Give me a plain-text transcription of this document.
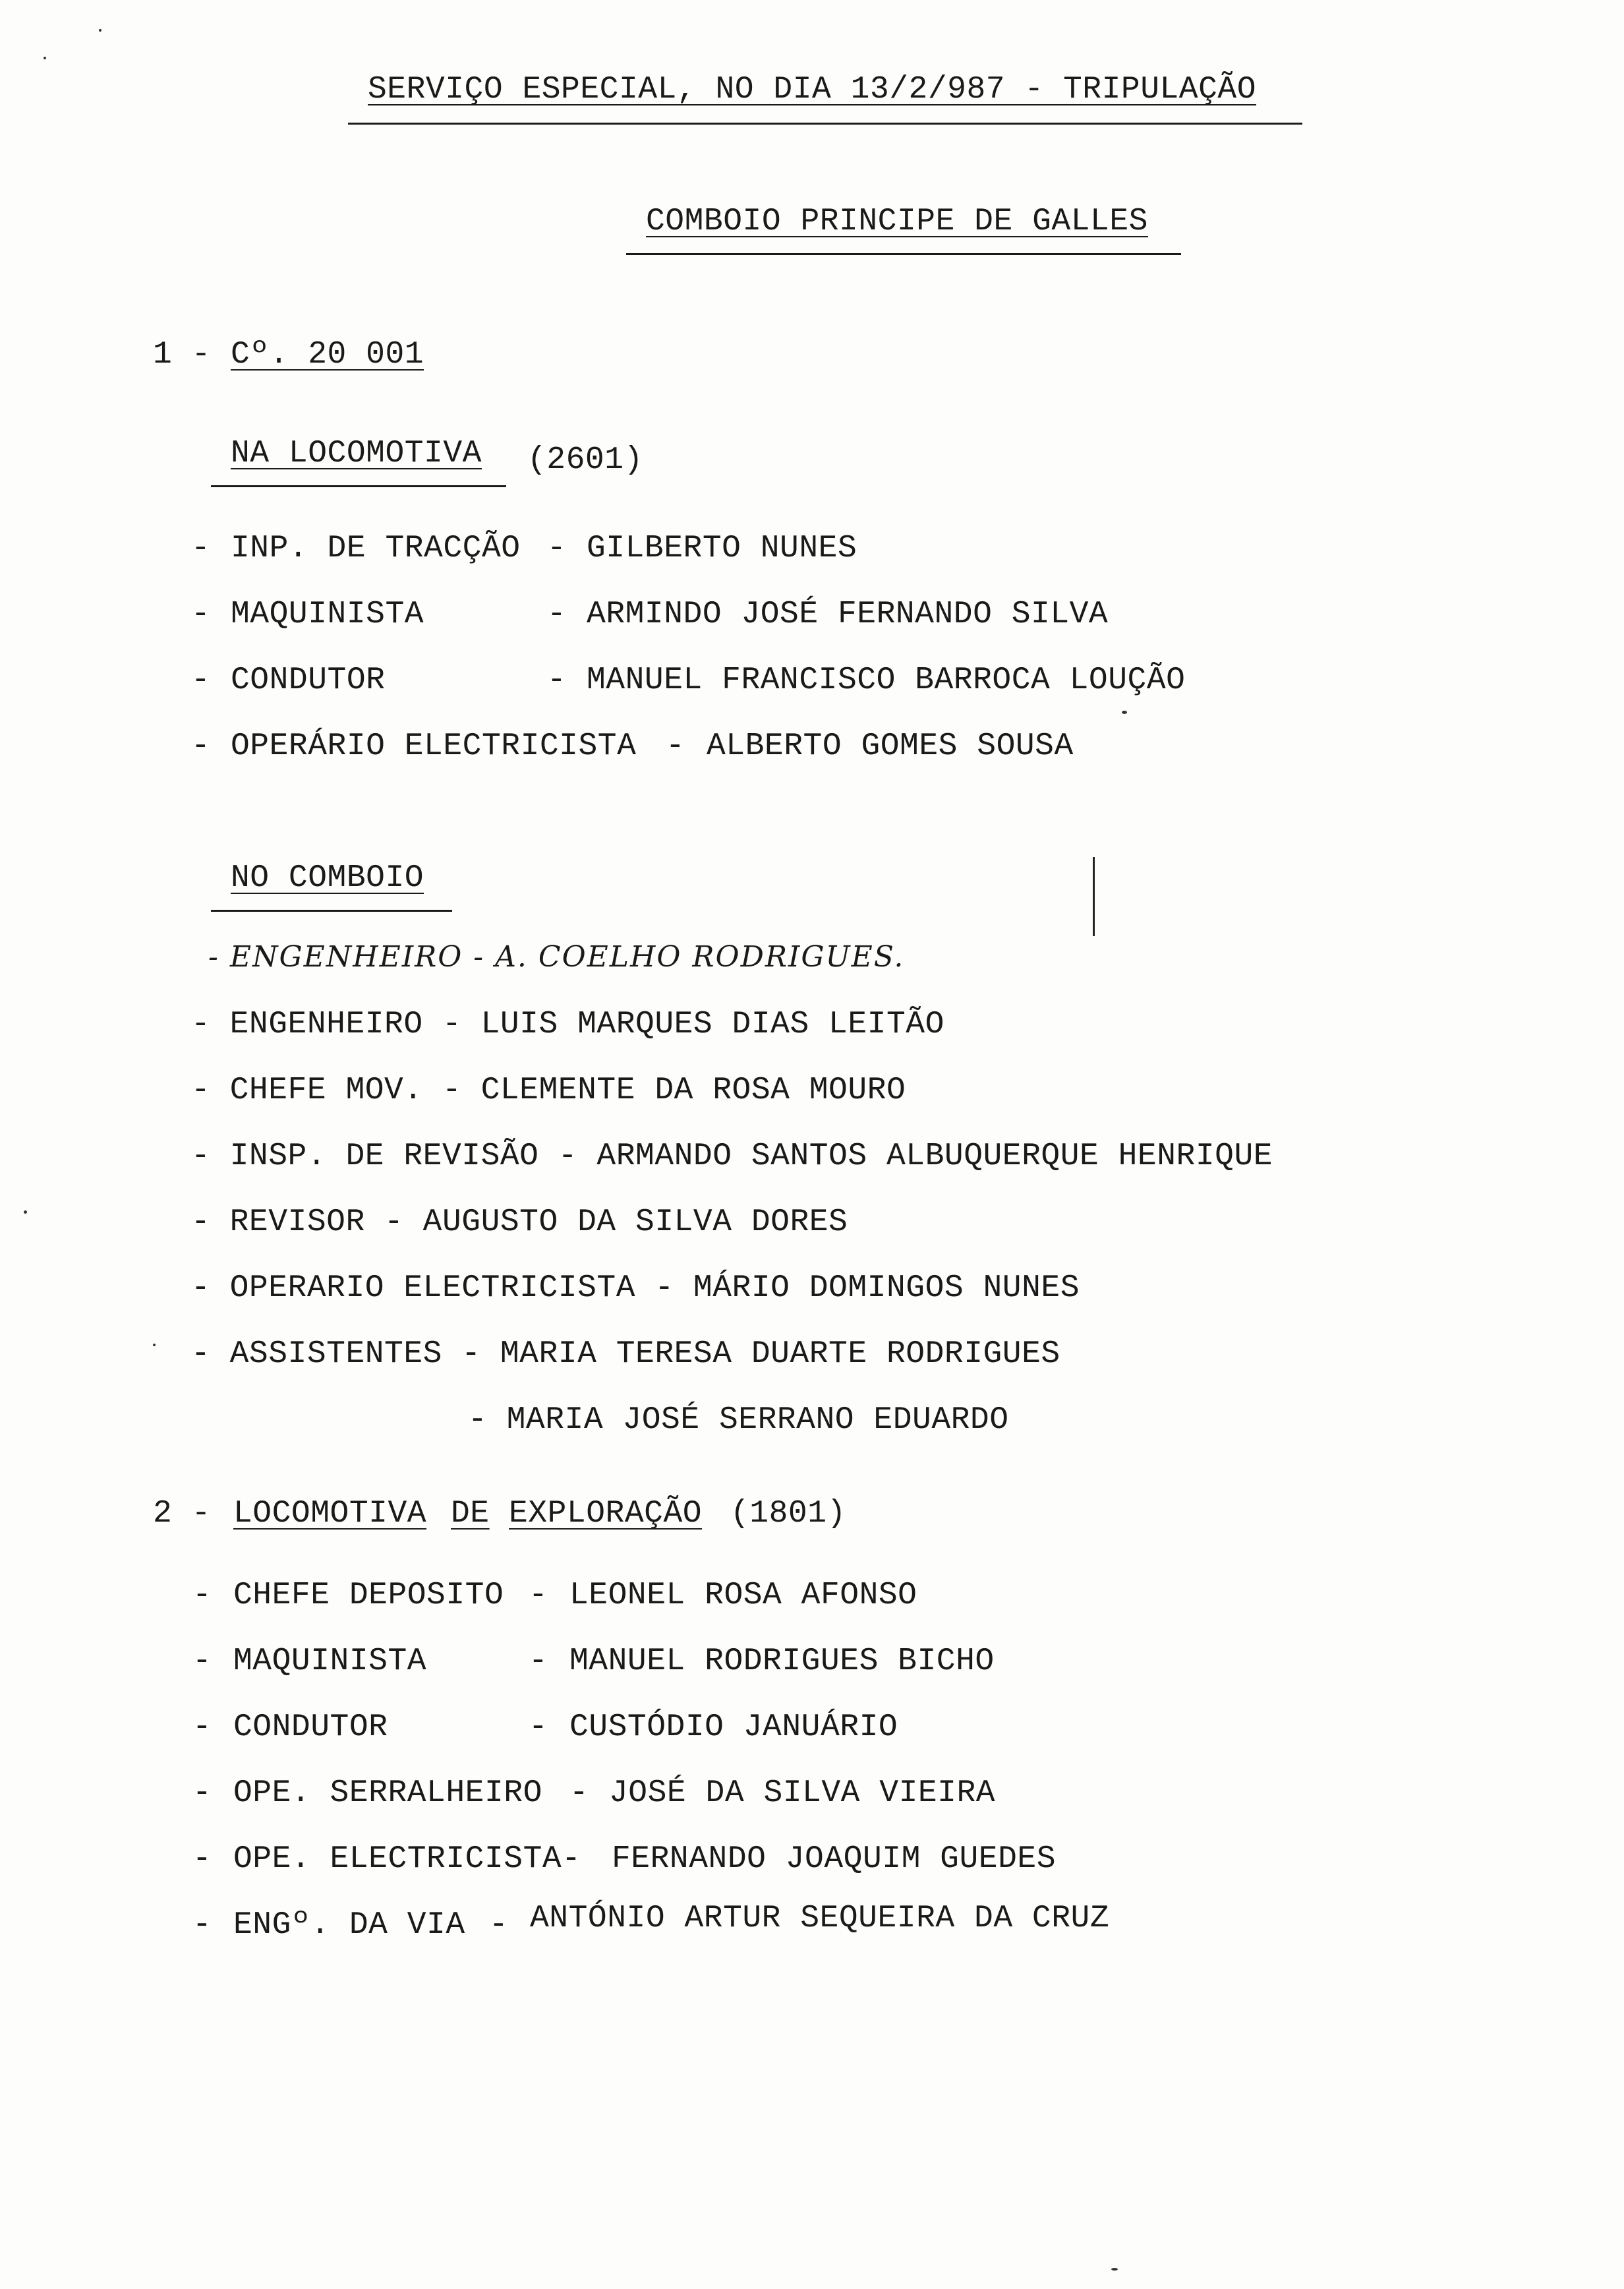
SERVIÇO ESPECIAL, NO DIA 13/2/987 - TRIPULAÇÃO
COMBOIO PRINCIPE DE GALLES
1 - Cº. 20 001
NA LOCOMOTIVA (2601)
- INP. DE TRACÇÃO - GILBERTO NUNES
- MAQUINISTA	- ARMINDO JOSÉ FERNANDO SILVA
- CONDUTOR	- MANUEL FRANCISCO BARROCA LOUÇÃO
- OPERÁRIO ELECTRICISTA - ALBERTO GOMES SOUSA
NO COMBOIO
- ENGENHEIRO - A. COELHO RODRIGUES.
- ENGENHEIRO - LUIS MARQUES DIAS LEITÃO
- CHEFE MOV. - CLEMENTE DA ROSA MOURO
- INSP. DE REVISÃO - ARMANDO SANTOS ALBUQUERQUE HENRIQUE
- REVISOR - AUGUSTO DA SILVA DORES
- OPERARIO ELECTRICISTA - MÁRIO DOMINGOS NUNES
- ASSISTENTES - MARIA TERESA DUARTE RODRIGUES
- MARIA JOSÉ SERRANO EDUARDO
2 - LOCOMOTIVA DE EXPLORAÇÃO (1801)
- CHEFE DEPOSITO - LEONEL ROSA AFONSO
- MAQUINISTA	- MANUEL RODRIGUES BICHO
- CONDUTOR	- CUSTÓDIO JANUÁRIO
- OPE. SERRALHEIRO - JOSÉ DA SILVA VIEIRA
- OPE. ELECTRICISTA- FERNANDO JOAQUIM GUEDES
- ENGº. DA VIA - ANTÓNIO ARTUR SEQUEIRA DA CRUZ
